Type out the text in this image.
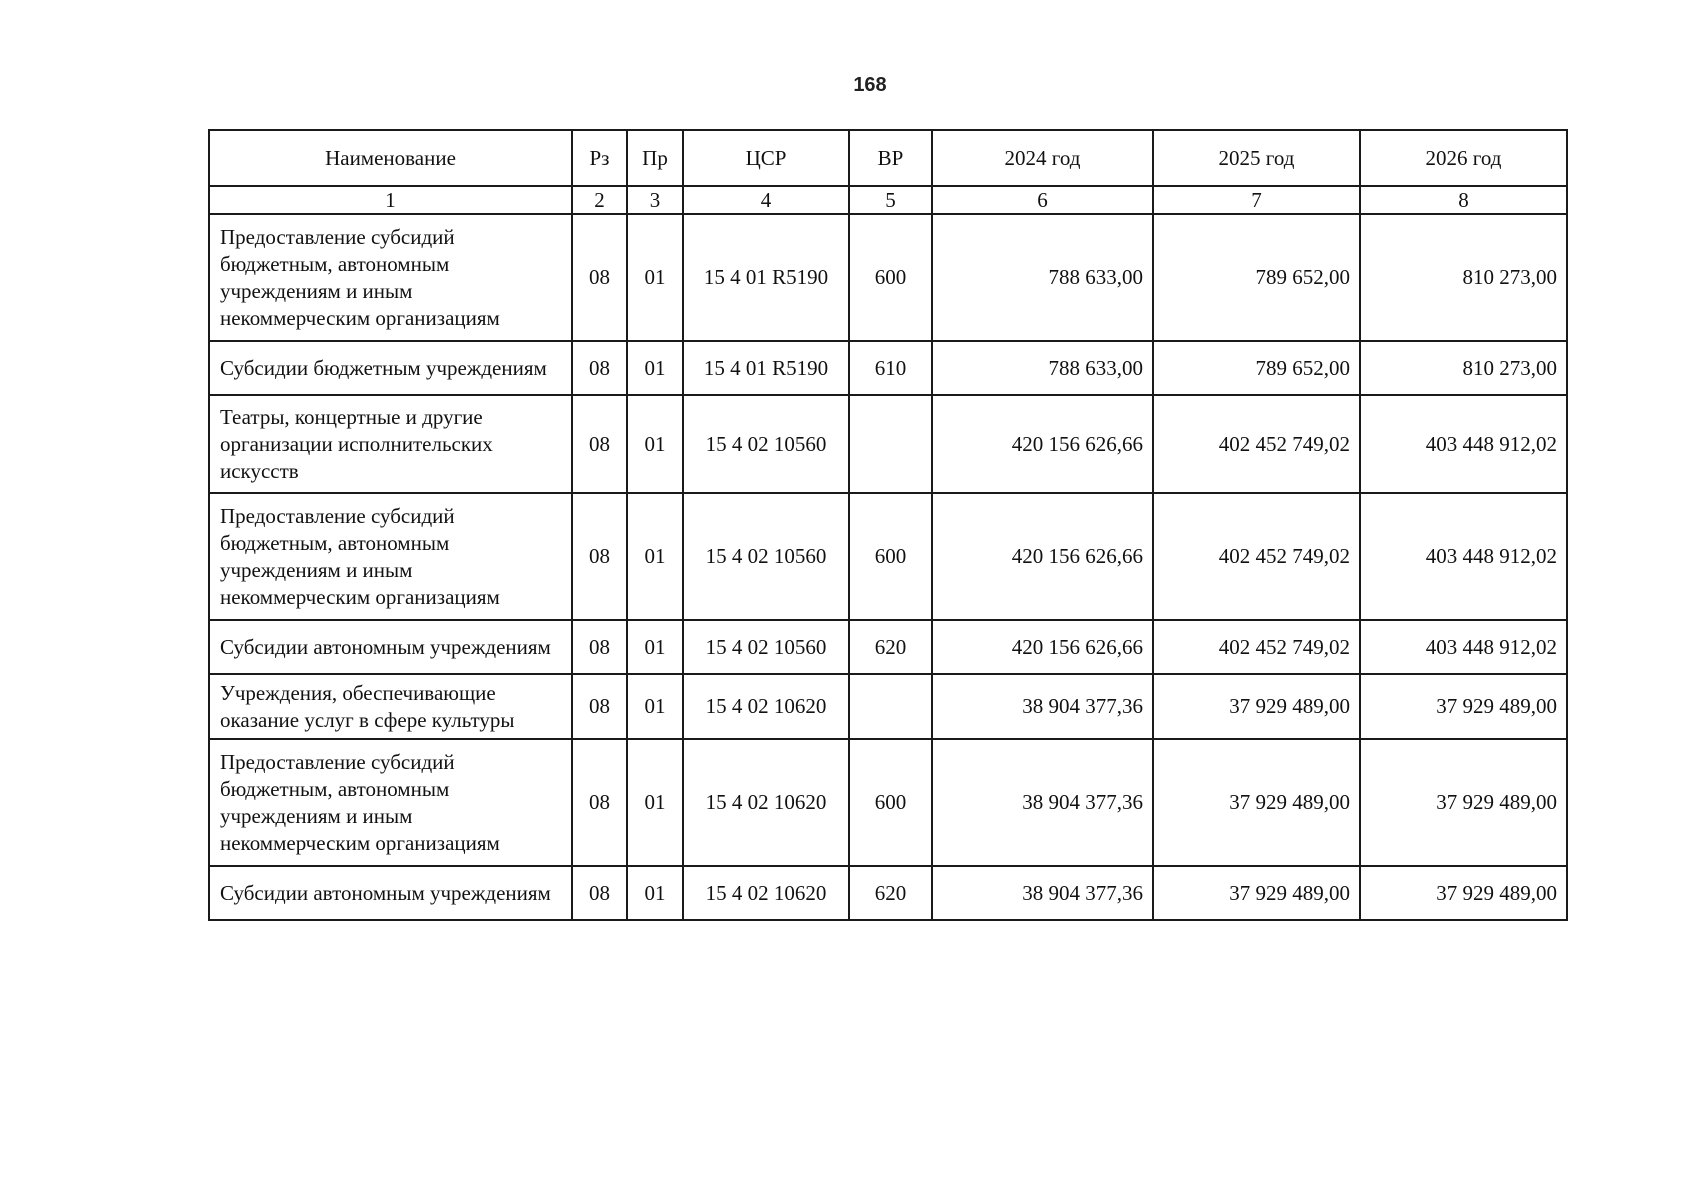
168
Наименование	Рз	Пр	ЦСР	ВР	2024 год	2025 год	2026 год
1	2	3	4	5	6	7	8
Предоставление субсидий бюджетным, автономным учреждениям и иным некоммерческим организациям	08	01	15 4 01 R5190	600	788 633,00	789 652,00	810 273,00
Субсидии бюджетным учреждениям	08	01	15 4 01 R5190	610	788 633,00	789 652,00	810 273,00
Театры, концертные и другие организации исполнительских искусств	08	01	15 4 02 10560		420 156 626,66	402 452 749,02	403 448 912,02
Предоставление субсидий бюджетным, автономным учреждениям и иным некоммерческим организациям	08	01	15 4 02 10560	600	420 156 626,66	402 452 749,02	403 448 912,02
Субсидии автономным учреждениям	08	01	15 4 02 10560	620	420 156 626,66	402 452 749,02	403 448 912,02
Учреждения, обеспечивающие оказание услуг в сфере культуры	08	01	15 4 02 10620		38 904 377,36	37 929 489,00	37 929 489,00
Предоставление субсидий бюджетным, автономным учреждениям и иным некоммерческим организациям	08	01	15 4 02 10620	600	38 904 377,36	37 929 489,00	37 929 489,00
Субсидии автономным учреждениям	08	01	15 4 02 10620	620	38 904 377,36	37 929 489,00	37 929 489,00
